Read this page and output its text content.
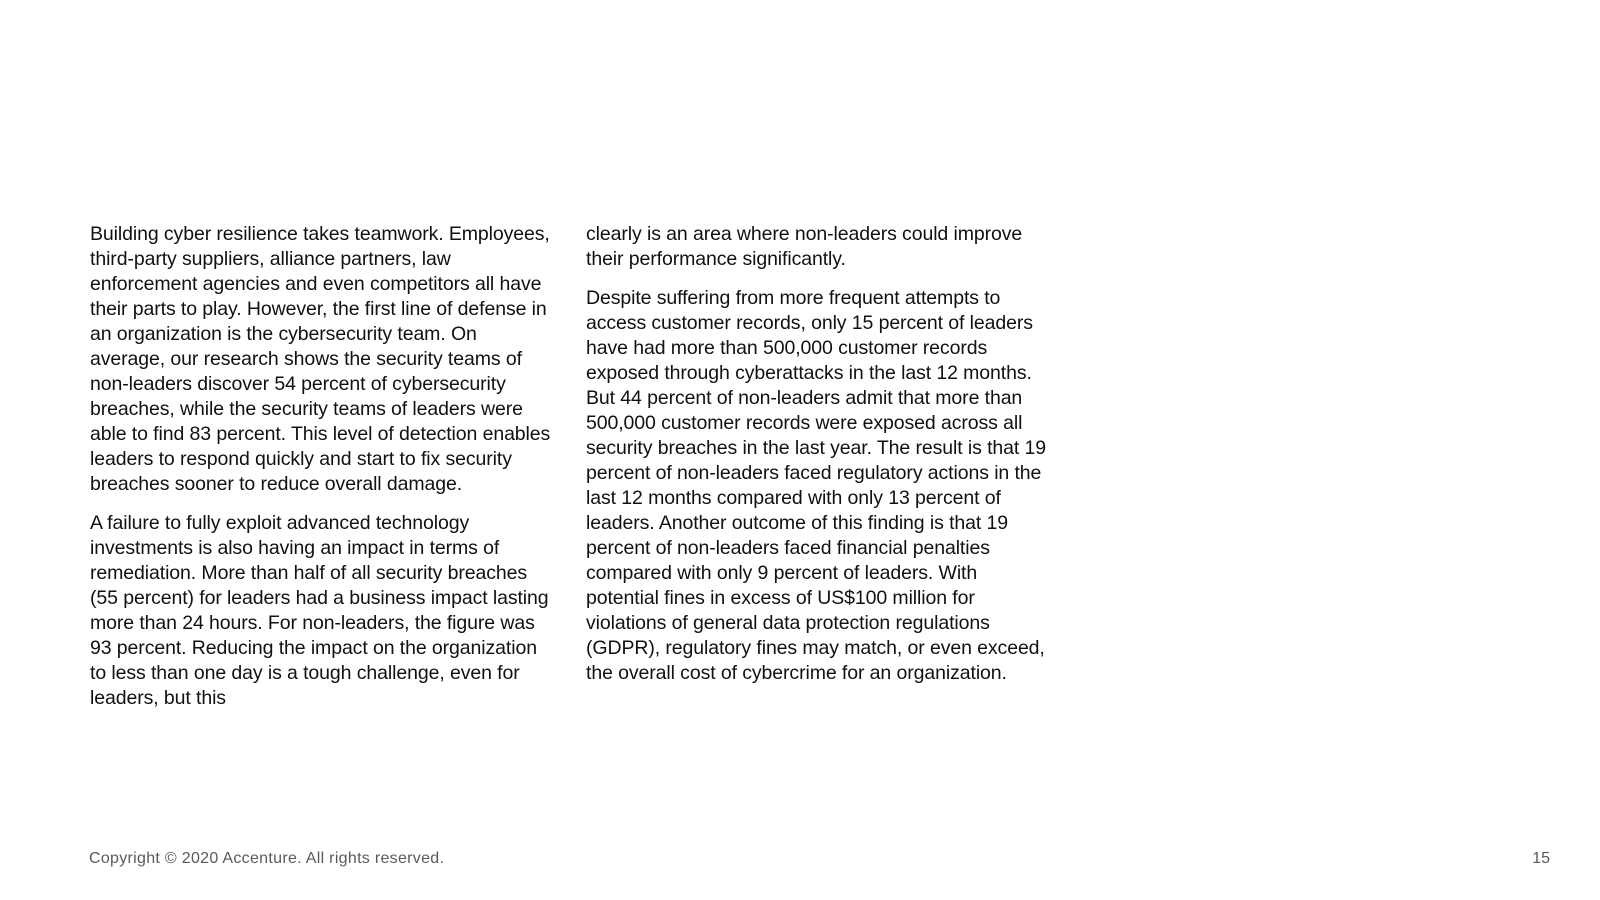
Building cyber resilience takes teamwork. Employees, third-party suppliers, alliance partners, law enforcement agencies and even competitors all have their parts to play. However, the first line of defense in an organization is the cybersecurity team. On average, our research shows the security teams of non-leaders discover 54 percent of cybersecurity breaches, while the security teams of leaders were able to find 83 percent. This level of detection enables leaders to respond quickly and start to fix security breaches sooner to reduce overall damage.

A failure to fully exploit advanced technology investments is also having an impact in terms of remediation. More than half of all security breaches (55 percent) for leaders had a business impact lasting more than 24 hours. For non-leaders, the figure was 93 percent. Reducing the impact on the organization to less than one day is a tough challenge, even for leaders, but this

clearly is an area where non-leaders could improve their performance significantly.

Despite suffering from more frequent attempts to access customer records, only 15 percent of leaders have had more than 500,000 customer records exposed through cyberattacks in the last 12 months. But 44 percent of non-leaders admit that more than 500,000 customer records were exposed across all security breaches in the last year. The result is that 19 percent of non-leaders faced regulatory actions in the last 12 months compared with only 13 percent of leaders. Another outcome of this finding is that 19 percent of non-leaders faced financial penalties compared with only 9 percent of leaders. With potential fines in excess of US$100 million for violations of general data protection regulations (GDPR), regulatory fines may match, or even exceed, the overall cost of cybercrime for an organization.

Copyright © 2020 Accenture. All rights reserved.	15
